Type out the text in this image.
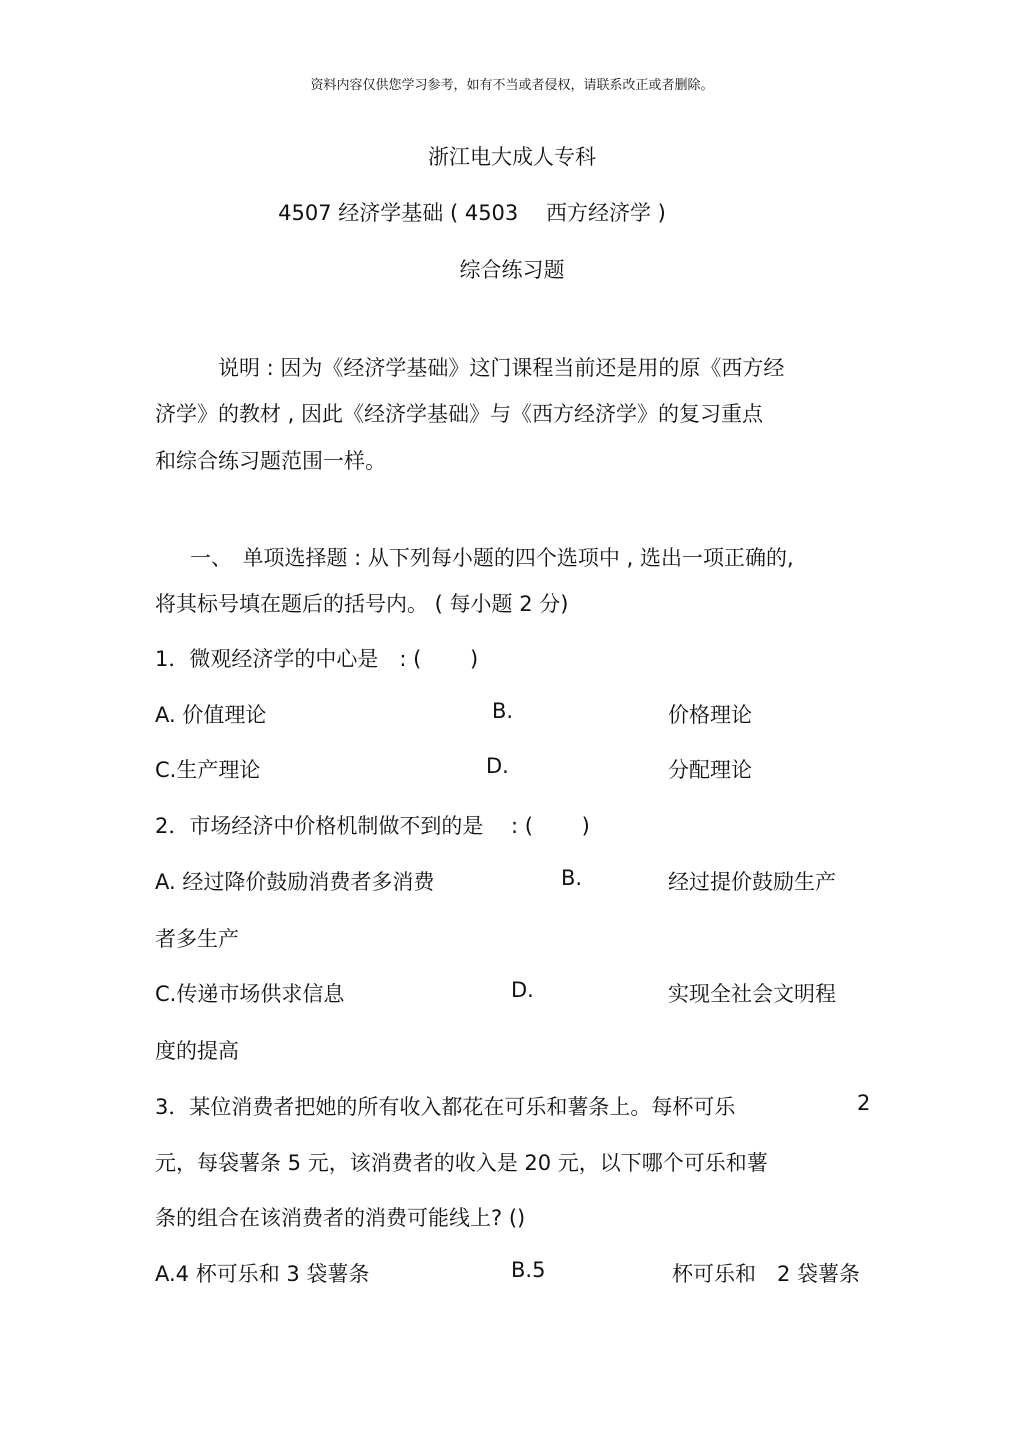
资料内容仅供您学习参考，如有不当或者侵权，请联系改正或者删除。

浙江电大成人专科

4507 经济学基础 ( 4503　 西方经济学 )

综合练习题

说明 : 因为《经济学基础》这门课程当前还是用的原《西方经

济学》的教材 , 因此《经济学基础》与《西方经济学》的复习重点

和综合练习题范围一样。

一、　单项选择题 : 从下列每小题的四个选项中 , 选出一项正确的,

将其标号填在题后的括号内。 ( 每小题 2 分)

1．微观经济学的中心是　: (　　 )

A. 价值理论	B.	价格理论

C.生产理论	D.	分配理论

2．市场经济中价格机制做不到的是　 : (　　 )

A. 经过降价鼓励消费者多消费	B.	经过提价鼓励生产

者多生产

C.传递市场供求信息	D.	实现全社会文明程

度的提高

3．某位消费者把她的所有收入都花在可乐和薯条上。每杯可乐	2

元，每袋薯条 5 元，该消费者的收入是 20 元，以下哪个可乐和薯

条的组合在该消费者的消费可能线上? ()

A.4 杯可乐和 3 袋薯条	B.5	杯可乐和　2 袋薯条
